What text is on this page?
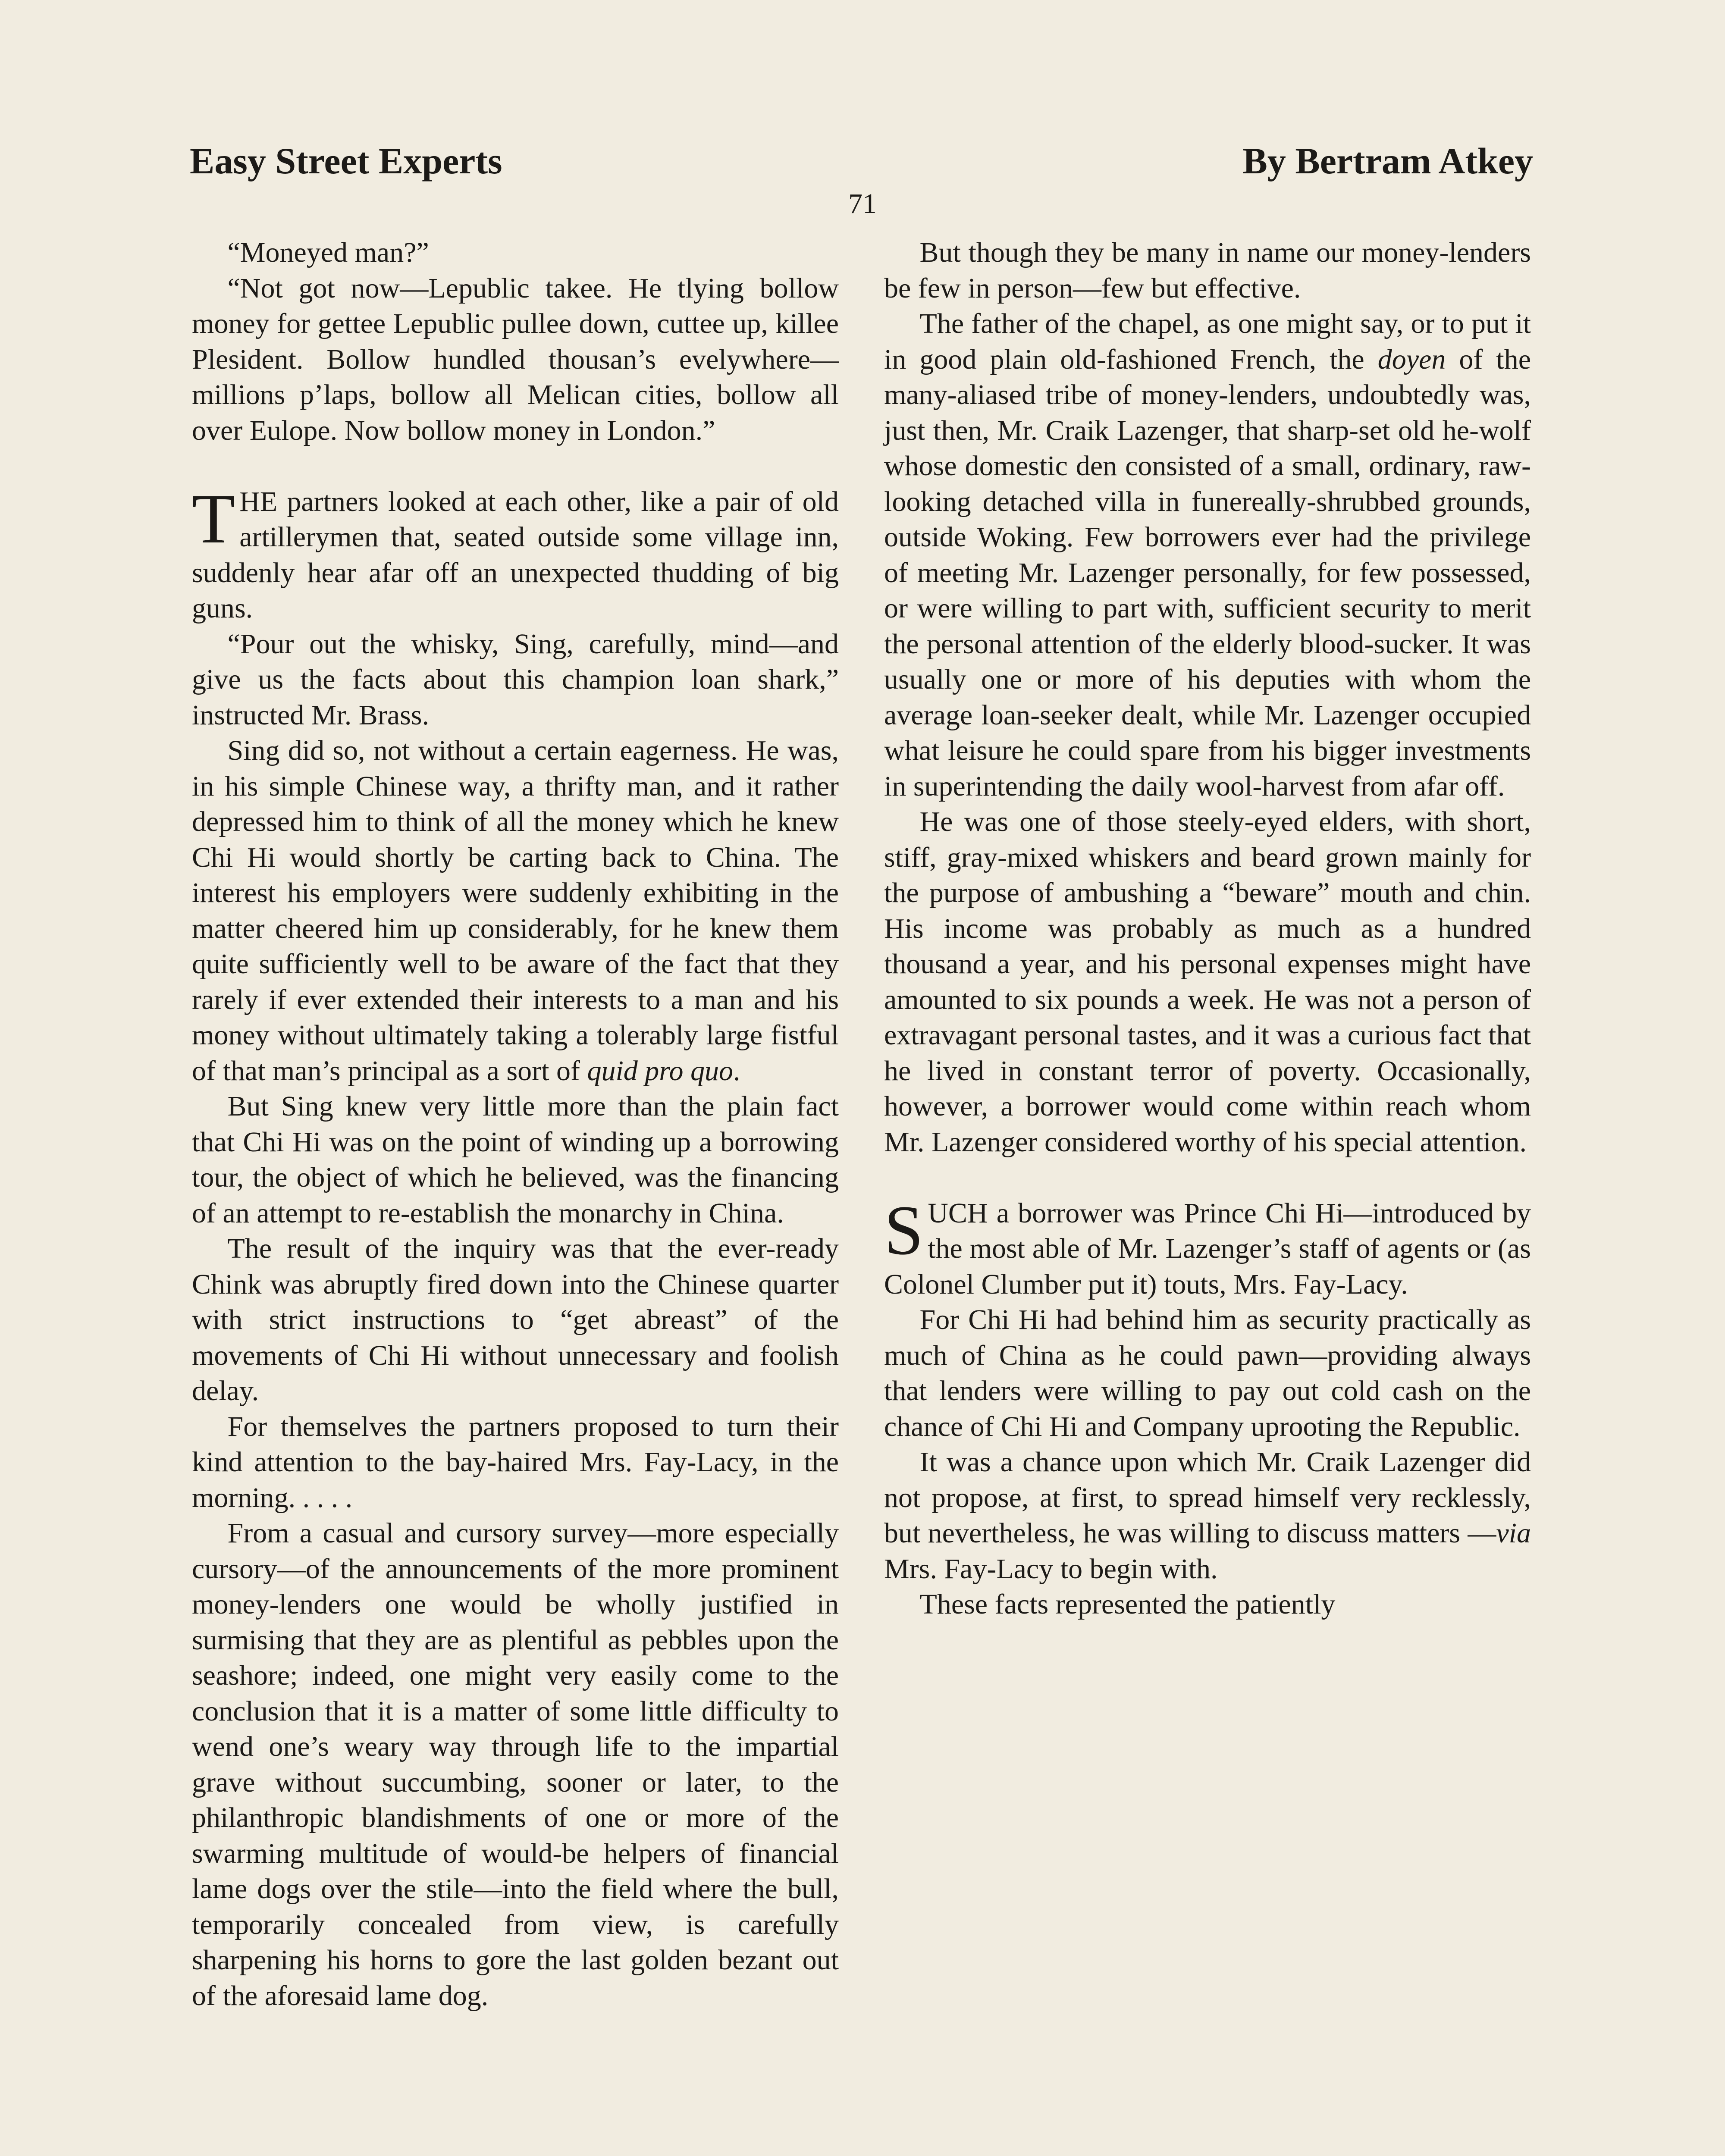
Easy Street Experts	By Bertram Atkey
71

“Moneyed man?”

“Not got now—Lepublic takee. He tlying bollow money for gettee Lepublic pullee down, cuttee up, killee Plesident. Bollow hundled thousan’s evelywhere—millions p’laps, bollow all Melican cities, bollow all over Eulope. Now bollow money in London.”

THE partners looked at each other, like a pair of old artillerymen that, seated outside some village inn, suddenly hear afar off an unexpected thudding of big guns.

“Pour out the whisky, Sing, carefully, mind—and give us the facts about this champion loan shark,” instructed Mr. Brass.

Sing did so, not without a certain eagerness. He was, in his simple Chinese way, a thrifty man, and it rather depressed him to think of all the money which he knew Chi Hi would shortly be carting back to China. The interest his employers were suddenly exhibiting in the matter cheered him up considerably, for he knew them quite sufficiently well to be aware of the fact that they rarely if ever extended their interests to a man and his money without ultimately taking a tolerably large fistful of that man’s principal as a sort of quid pro quo.

But Sing knew very little more than the plain fact that Chi Hi was on the point of winding up a borrowing tour, the object of which he believed, was the financing of an attempt to re-establish the monarchy in China.

The result of the inquiry was that the ever-ready Chink was abruptly fired down into the Chinese quarter with strict instructions to “get abreast” of the movements of Chi Hi without unnecessary and foolish delay.

For themselves the partners proposed to turn their kind attention to the bay-haired Mrs. Fay-Lacy, in the morning. . . . .

From a casual and cursory survey—more especially cursory—of the announcements of the more prominent money-lenders one would be wholly justified in surmising that they are as plentiful as pebbles upon the seashore; indeed, one might very easily come to the conclusion that it is a matter of some little difficulty to wend one’s weary way through life to the impartial grave without succumbing, sooner or later, to the philanthropic blandishments of one or more of the swarming multitude of would-be helpers of financial lame dogs over the stile—into the field where the bull, temporarily concealed from view, is carefully sharpening his horns to gore the last golden bezant out of the aforesaid lame dog.

But though they be many in name our money-lenders be few in person—few but effective.

The father of the chapel, as one might say, or to put it in good plain old-fashioned French, the doyen of the many-aliased tribe of money-lenders, undoubtedly was, just then, Mr. Craik Lazenger, that sharp-set old he-wolf whose domestic den consisted of a small, ordinary, raw-looking detached villa in funereally-shrubbed grounds, outside Woking. Few borrowers ever had the privilege of meeting Mr. Lazenger personally, for few possessed, or were willing to part with, sufficient security to merit the personal attention of the elderly blood-sucker. It was usually one or more of his deputies with whom the average loan-seeker dealt, while Mr. Lazenger occupied what leisure he could spare from his bigger investments in superintending the daily wool-harvest from afar off.

He was one of those steely-eyed elders, with short, stiff, gray-mixed whiskers and beard grown mainly for the purpose of ambushing a “beware” mouth and chin. His income was probably as much as a hundred thousand a year, and his personal expenses might have amounted to six pounds a week. He was not a person of extravagant personal tastes, and it was a curious fact that he lived in constant terror of poverty. Occasionally, however, a borrower would come within reach whom Mr. Lazenger considered worthy of his special attention.

SUCH a borrower was Prince Chi Hi—introduced by the most able of Mr. Lazenger’s staff of agents or (as Colonel Clumber put it) touts, Mrs. Fay-Lacy.

For Chi Hi had behind him as security practically as much of China as he could pawn—providing always that lenders were willing to pay out cold cash on the chance of Chi Hi and Company uprooting the Republic.

It was a chance upon which Mr. Craik Lazenger did not propose, at first, to spread himself very recklessly, but nevertheless, he was willing to discuss matters —via Mrs. Fay-Lacy to begin with.

These facts represented the patiently
